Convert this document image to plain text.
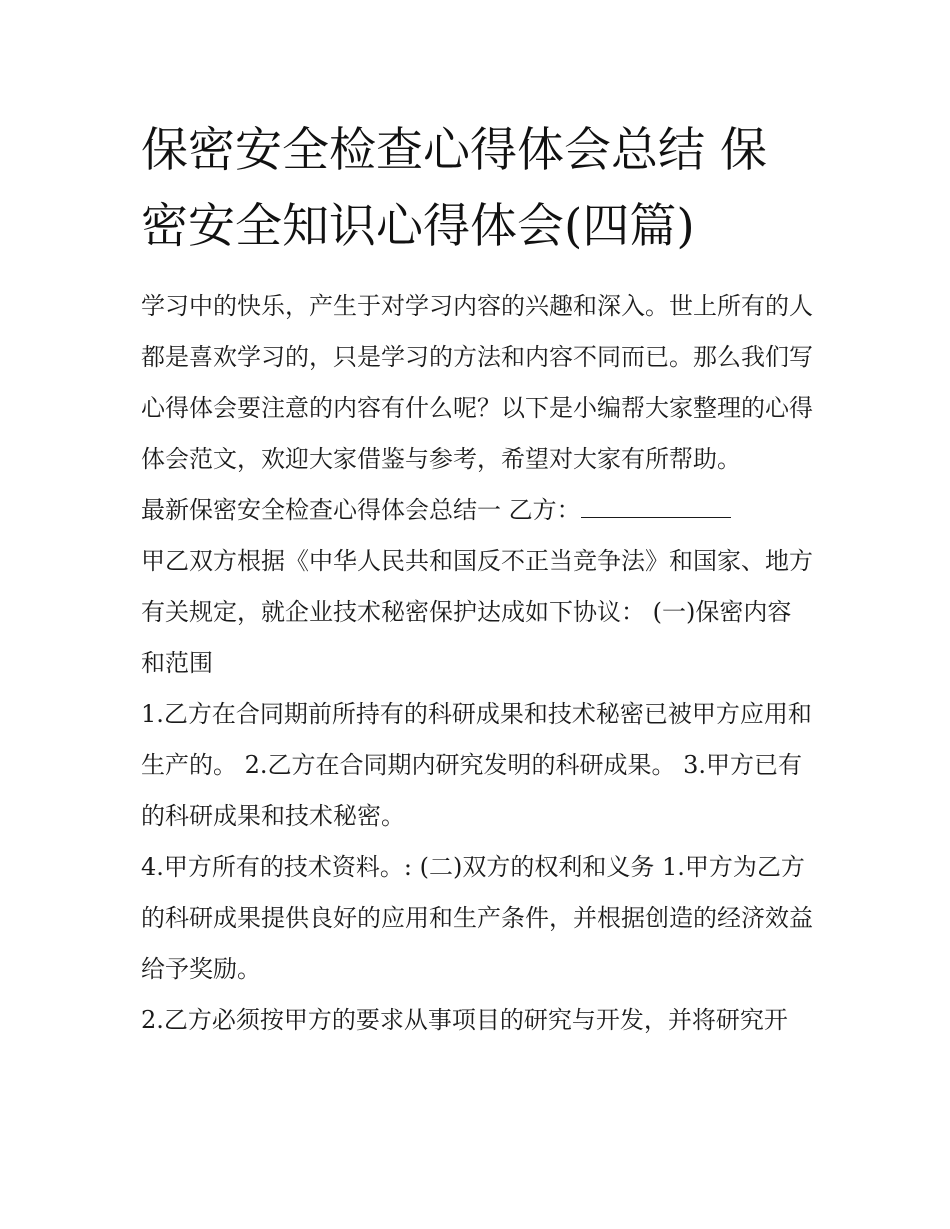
保密安全检查心得体会总结 保密安全知识心得体会(四篇)

学习中的快乐，产生于对学习内容的兴趣和深入。世上所有的人都是喜欢学习的，只是学习的方法和内容不同而已。那么我们写心得体会要注意的内容有什么呢？以下是小编帮大家整理的心得体会范文，欢迎大家借鉴与参考，希望对大家有所帮助。

最新保密安全检查心得体会总结一 乙方：

甲乙双方根据《中华人民共和国反不正当竞争法》和国家、地方有关规定，就企业技术秘密保护达成如下协议： (一)保密内容和范围

1.乙方在合同期前所持有的科研成果和技术秘密已被甲方应用和生产的。 2.乙方在合同期内研究发明的科研成果。 3.甲方已有的科研成果和技术秘密。

4.甲方所有的技术资料。: (二)双方的权利和义务 1.甲方为乙方的科研成果提供良好的应用和生产条件，并根据创造的经济效益给予奖励。

2.乙方必须按甲方的要求从事项目的研究与开发，并将研究开
